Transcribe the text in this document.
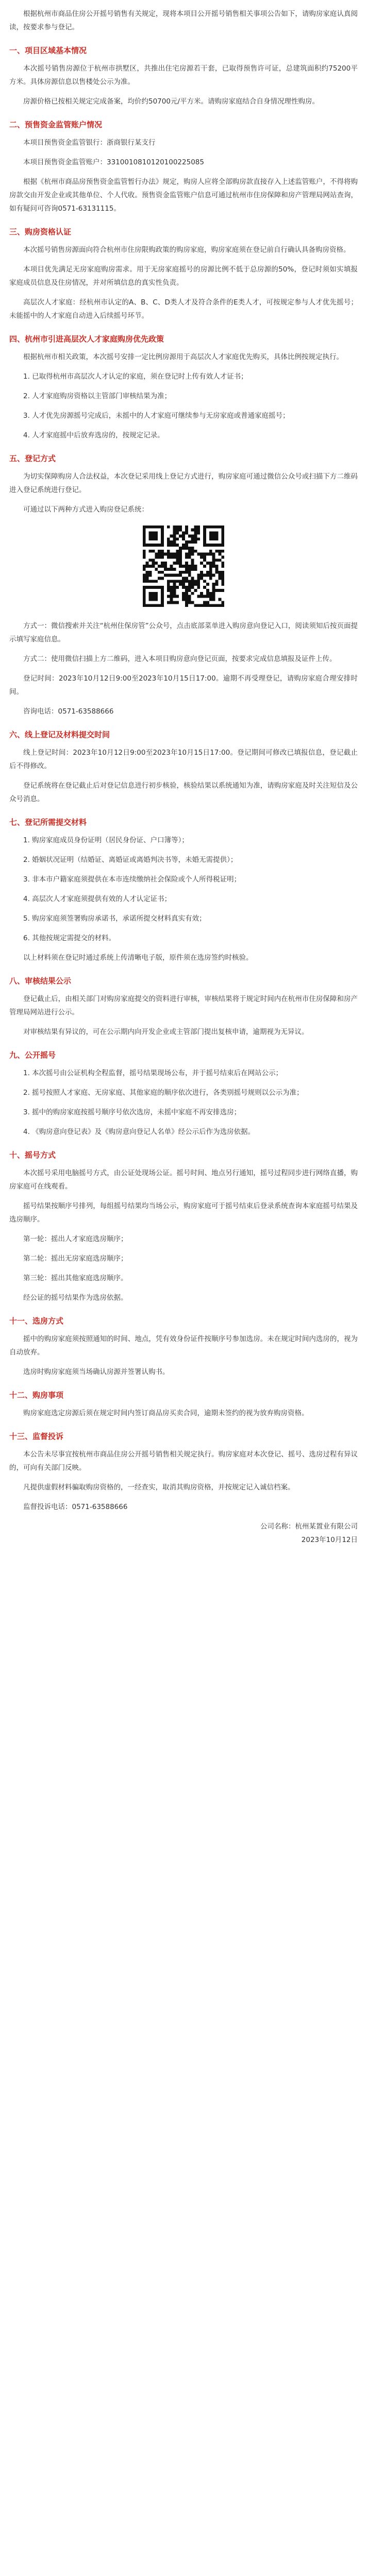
根据杭州市商品住房公开摇号销售有关规定，现将本项目公开摇号销售相关事项公告如下，请购房家庭认真阅读，按要求参与登记。

一、项目区域基本情况

本次摇号销售房源位于杭州市拱墅区，共推出住宅房源若干套，已取得预售许可证，总建筑面积约75200平方米。具体房源信息以售楼处公示为准。

房源价格已按相关规定完成备案，均价约50700元/平方米。请购房家庭结合自身情况理性购房。

二、预售资金监管账户情况

本项目预售资金监管银行：浙商银行某支行

本项目预售资金监管账户：3310010810120100225085

根据《杭州市商品房预售资金监管暂行办法》规定，购房人应将全部购房款直接存入上述监管账户，不得将购房款交由开发企业或其他单位、个人代收。预售资金监管账户信息可通过杭州市住房保障和房产管理局网站查询，如有疑问可咨询0571-63131115。

三、购房资格认证

本次摇号销售房源面向符合杭州市住房限购政策的购房家庭，购房家庭须在登记前自行确认具备购房资格。

本项目优先满足无房家庭购房需求。用于无房家庭摇号的房源比例不低于总房源的50%，登记时须如实填报家庭成员信息及住房情况，并对所填信息的真实性负责。

高层次人才家庭：经杭州市认定的A、B、C、D类人才及符合条件的E类人才，可按规定参与人才优先摇号；未能摇中的人才家庭自动进入后续摇号环节。

四、杭州市引进高层次人才家庭购房优先政策

根据杭州市相关政策，本次摇号安排一定比例房源用于高层次人才家庭优先购买，具体比例按规定执行。

1. 已取得杭州市高层次人才认定的家庭，须在登记时上传有效人才证书；

2. 人才家庭购房资格以主管部门审核结果为准；

3. 人才优先房源摇号完成后，未摇中的人才家庭可继续参与无房家庭或普通家庭摇号；

4. 人才家庭摇中后放弃选房的，按规定记录。

五、登记方式

为切实保障购房人合法权益，本次登记采用线上登记方式进行，购房家庭可通过微信公众号或扫描下方二维码进入登记系统进行登记。

可通过以下两种方式进入购房登记系统：

方式一：微信搜索并关注“杭州住保房管”公众号，点击底部菜单进入购房意向登记入口，阅读须知后按页面提示填写家庭信息。

方式二：使用微信扫描上方二维码，进入本项目购房意向登记页面，按要求完成信息填报及证件上传。

登记时间：2023年10月12日9:00至2023年10月15日17:00。逾期不再受理登记，请购房家庭合理安排时间。

咨询电话：0571-63588666

六、线上登记及材料提交时间

线上登记时间：2023年10月12日9:00至2023年10月15日17:00。登记期间可修改已填报信息，登记截止后不得修改。

登记系统将在登记截止后对登记信息进行初步核验，核验结果以系统通知为准，请购房家庭及时关注短信及公众号消息。

七、登记所需提交材料

1. 购房家庭成员身份证明（居民身份证、户口簿等）；

2. 婚姻状况证明（结婚证、离婚证或离婚判决书等，未婚无需提供）；

3. 非本市户籍家庭须提供在本市连续缴纳社会保险或个人所得税证明；

4. 高层次人才家庭须提供有效的人才认定证书；

5. 购房家庭须签署购房承诺书，承诺所提交材料真实有效；

6. 其他按规定需提交的材料。

以上材料须在登记时通过系统上传清晰电子版，原件须在选房签约时核验。

八、审核结果公示

登记截止后，由相关部门对购房家庭提交的资料进行审核，审核结果将于规定时间内在杭州市住房保障和房产管理局网站进行公示。

对审核结果有异议的，可在公示期内向开发企业或主管部门提出复核申请，逾期视为无异议。

九、公开摇号

1. 本次摇号由公证机构全程监督，摇号结果现场公布，并于摇号结束后在网站公示；

2. 摇号按照人才家庭、无房家庭、其他家庭的顺序依次进行，各类别摇号规则以公示为准；

3. 摇中的购房家庭按摇号顺序号依次选房，未摇中家庭不再安排选房；

4. 《购房意向登记表》及《购房意向登记人名单》经公示后作为选房依据。

十、摇号方式

本次摇号采用电脑摇号方式，由公证处现场公证。摇号时间、地点另行通知，摇号过程同步进行网络直播，购房家庭可在线观看。

摇号结果按顺序号排列，每组摇号结果均当场公示，购房家庭可于摇号结束后登录系统查询本家庭摇号结果及选房顺序。

第一轮：摇出人才家庭选房顺序；

第二轮：摇出无房家庭选房顺序；

第三轮：摇出其他家庭选房顺序。

经公证的摇号结果作为选房依据。

十一、选房方式

摇中的购房家庭须按照通知的时间、地点，凭有效身份证件按顺序号参加选房。未在规定时间内选房的，视为自动放弃。

选房时购房家庭须当场确认房源并签署认购书。

十二、购房事项

购房家庭选定房源后须在规定时间内签订商品房买卖合同，逾期未签约的视为放弃购房资格。

十三、监督投诉

本公告未尽事宜按杭州市商品住房公开摇号销售相关规定执行。购房家庭对本次登记、摇号、选房过程有异议的，可向有关部门反映。

凡提供虚假材料骗取购房资格的，一经查实，取消其购房资格，并按规定记入诚信档案。

监督投诉电话：0571-63588666

公司名称：杭州某置业有限公司
2023年10月12日
